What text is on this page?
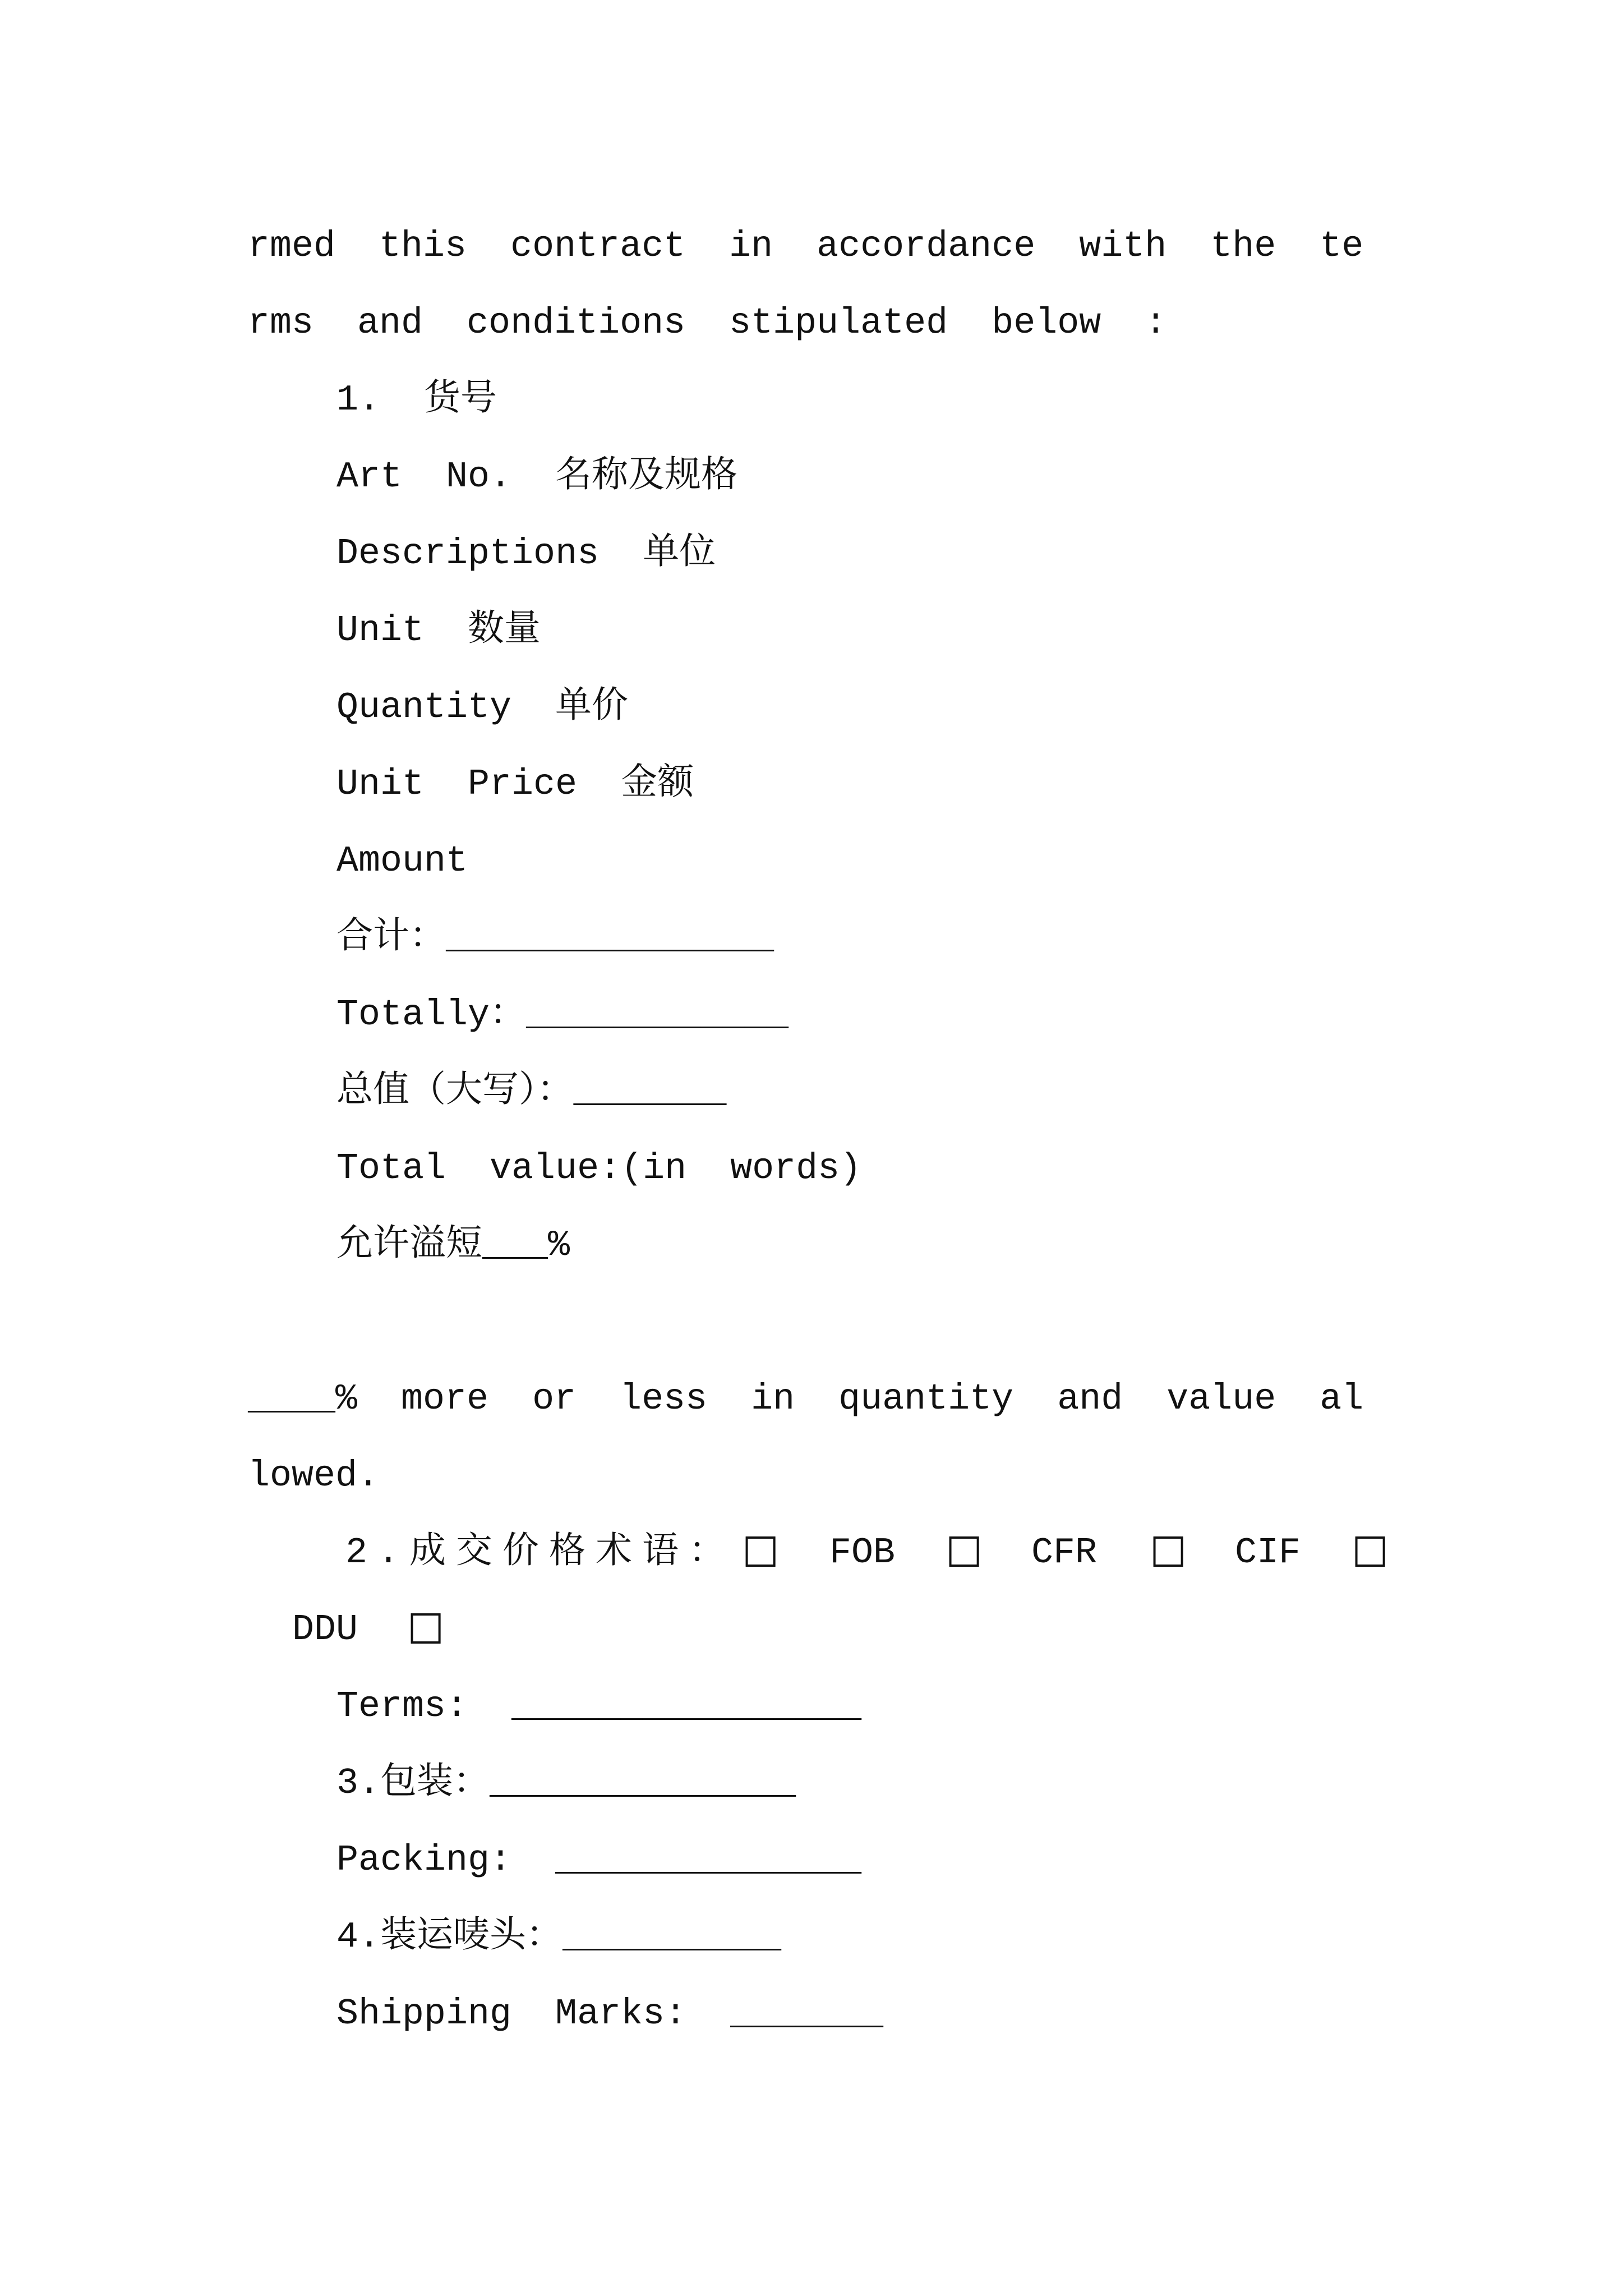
rmed this contract in accordance with the te
rms and conditions stipulated below :
1. 货号
Art No. 名称及规格
Descriptions 单位
Unit 数量
Quantity 单价
Unit Price 金额
Amount
合计：_______________
Totally：____________
总值（大写）：_______
Total value:(in words)
允许溢短___%
____% more or less in quantity and value al
lowed.
2.成交价格术语： ☐ FOB ☐ CFR ☐ CIF ☐
DDU ☐
Terms: ________________
3.包装：______________
Packing: ______________
4.装运唛头：__________
Shipping Marks: _______
